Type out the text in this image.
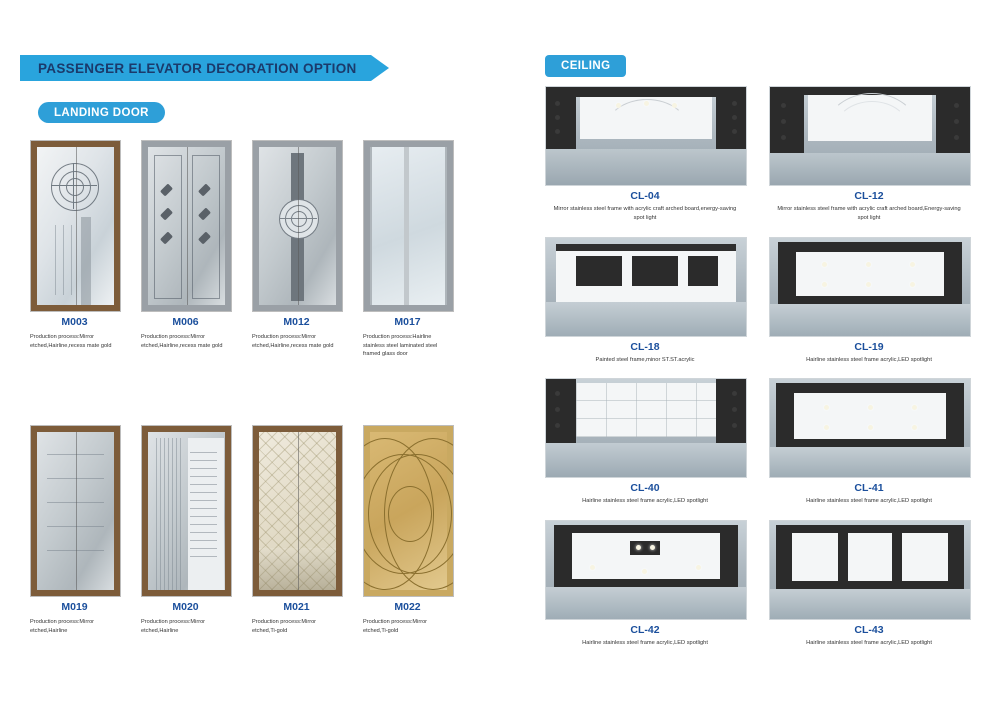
PASSENGER ELEVATOR DECORATION OPTION
LANDING DOOR
CEILING
M003
Production process:Mirror etched,Hairline,recess mate gold
M006
Production process:Mirror etched,Hairline,recess mate gold
M012
Production process:Mirror etched,Hairline,recess mate gold
M017
Production process:Hairline stainless steel laminated steel framed glass door
M019
Production process:Mirror etched,Hairline
M020
Production process:Mirror etched,Hairline
M021
Production process:Mirror etched,Ti-gold
M022
Production process:Mirror etched,Ti-gold
CL-04
Mirror stainless steel frame with acrylic craft arched board,energy-saving spot light
CL-12
Mirror stainless steel frame with acrylic craft arched board,Energy-saving spot light
CL-18
Painted steel frame,minor ST.ST.acrylic
CL-19
Hairline stainless steel frame acrylic,LED spotlight
CL-40
Hairline stainless steel frame acrylic,LED spotlight
CL-41
Hairline stainless steel frame acrylic,LED spotlight
CL-42
Hairline stainless steel frame acrylic,LED spotlight
CL-43
Hairline stainless steel frame acrylic,LED spotlight
